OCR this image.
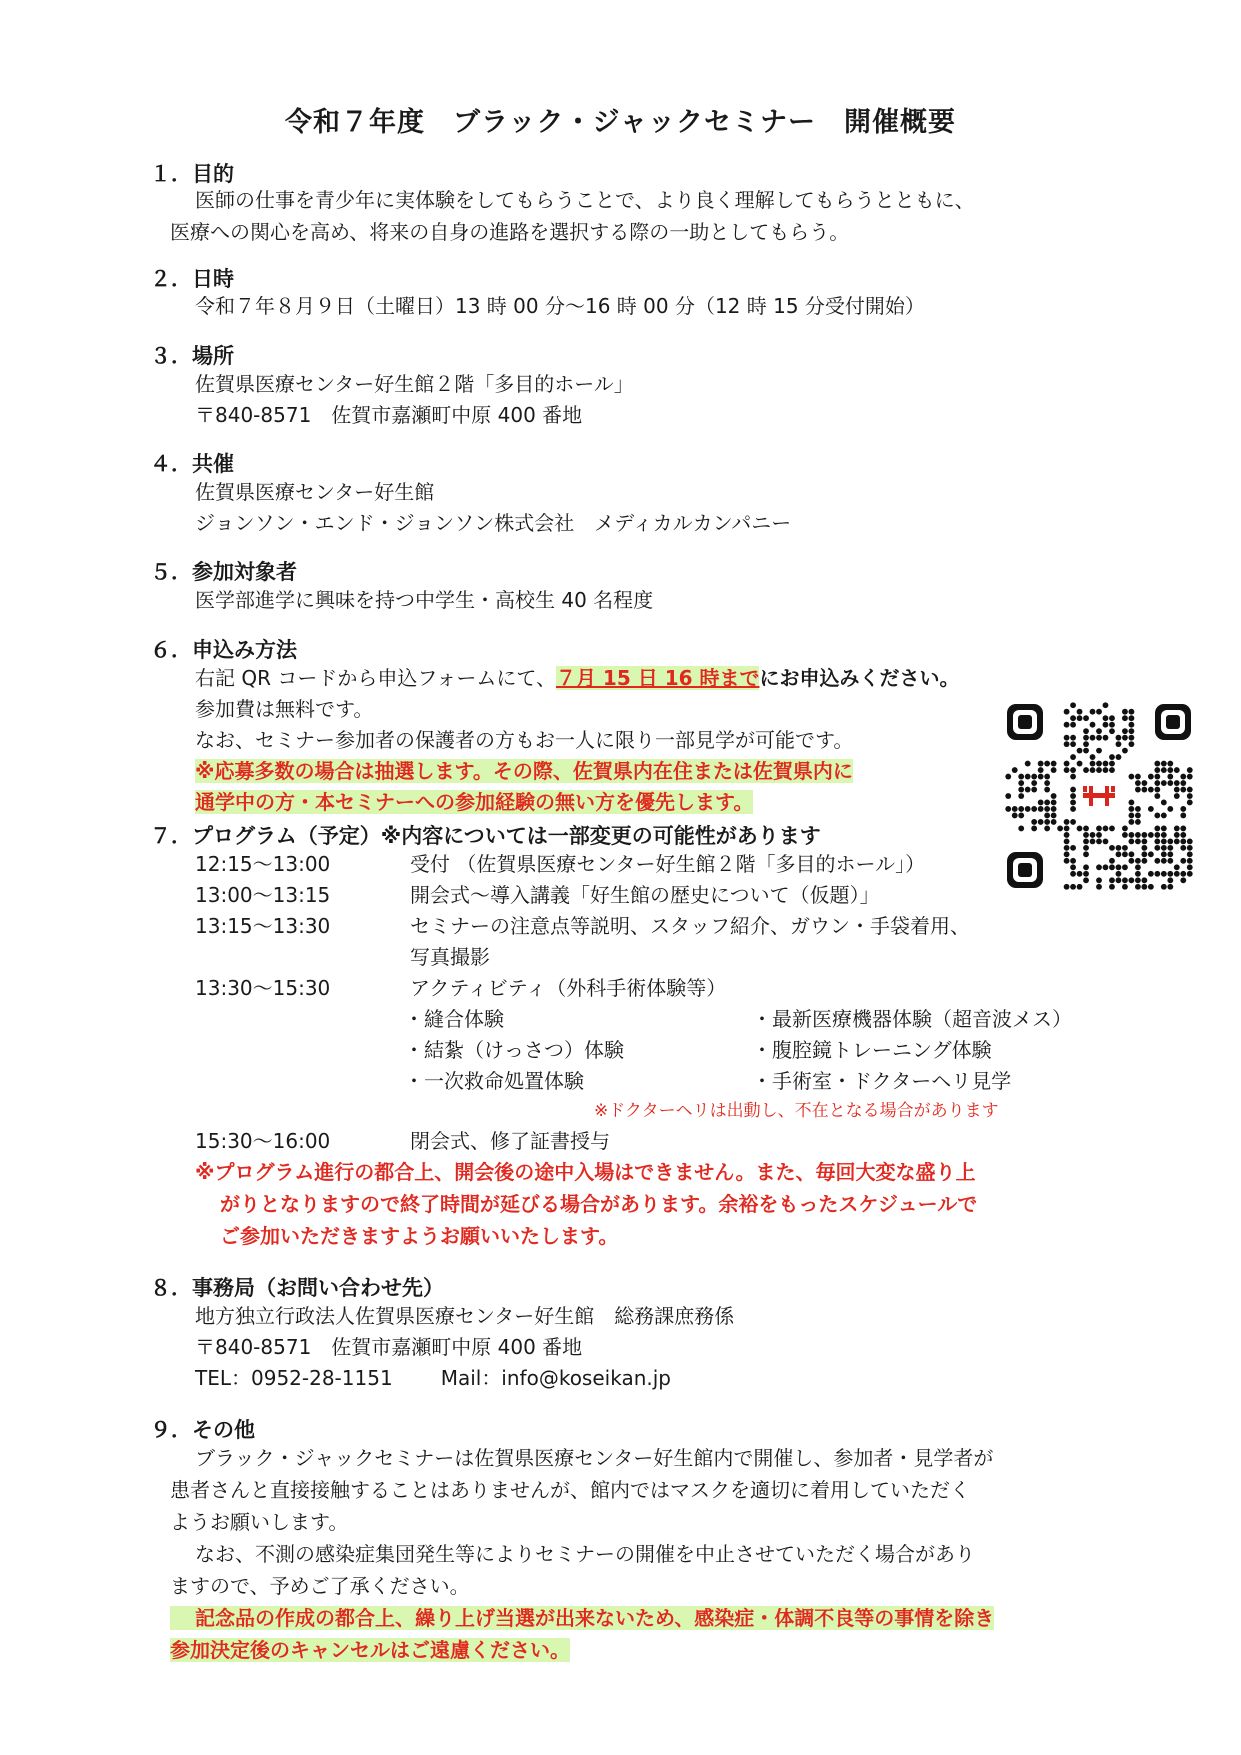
令和７年度　ブラック・ジャックセミナー　開催概要
１．目的
医師の仕事を青少年に実体験をしてもらうことで、より良く理解してもらうとともに、
医療への関心を高め、将来の自身の進路を選択する際の一助としてもらう。
２．日時
令和７年８月９日（土曜日）13 時 00 分〜16 時 00 分（12 時 15 分受付開始）
３．場所
佐賀県医療センター好生館２階「多目的ホール」
〒840-8571　佐賀市嘉瀬町中原 400 番地
４．共催
佐賀県医療センター好生館
ジョンソン・エンド・ジョンソン株式会社　メディカルカンパニー
５．参加対象者
医学部進学に興味を持つ中学生・高校生 40 名程度
６．申込み方法
右記 QR コードから申込フォームにて、７月 15 日 16 時までにお申込みください。
参加費は無料です。
なお、セミナー参加者の保護者の方もお一人に限り一部見学が可能です。
※応募多数の場合は抽選します。その際、佐賀県内在住または佐賀県内に
通学中の方・本セミナーへの参加経験の無い方を優先します。
７．プログラム（予定）※内容については一部変更の可能性があります
12:15〜13:00	受付 （佐賀県医療センター好生館２階「多目的ホール」）
13:00〜13:15	開会式〜導入講義「好生館の歴史について（仮題）」
13:15〜13:30	セミナーの注意点等説明、スタッフ紹介、ガウン・手袋着用、
写真撮影
13:30〜15:30	アクティビティ（外科手術体験等）
・縫合体験	・最新医療機器体験（超音波メス）
・結紮（けっさつ）体験	・腹腔鏡トレーニング体験
・一次救命処置体験	・手術室・ドクターヘリ見学
※ドクターヘリは出動し、不在となる場合があります
15:30〜16:00	閉会式、修了証書授与
※プログラム進行の都合上、開会後の途中入場はできません。また、毎回大変な盛り上
がりとなりますので終了時間が延びる場合があります。余裕をもったスケジュールで
ご参加いただきますようお願いいたします。
８．事務局（お問い合わせ先）
地方独立行政法人佐賀県医療センター好生館　総務課庶務係
〒840-8571　佐賀市嘉瀬町中原 400 番地
TEL：0952-28-1151 Mail：info@koseikan.jp
９．その他
ブラック・ジャックセミナーは佐賀県医療センター好生館内で開催し、参加者・見学者が
患者さんと直接接触することはありませんが、館内ではマスクを適切に着用していただく
ようお願いします。
なお、不測の感染症集団発生等によりセミナーの開催を中止させていただく場合があり
ますので、予めご了承ください。
記念品の作成の都合上、繰り上げ当選が出来ないため、感染症・体調不良等の事情を除き
参加決定後のキャンセルはご遠慮ください。
